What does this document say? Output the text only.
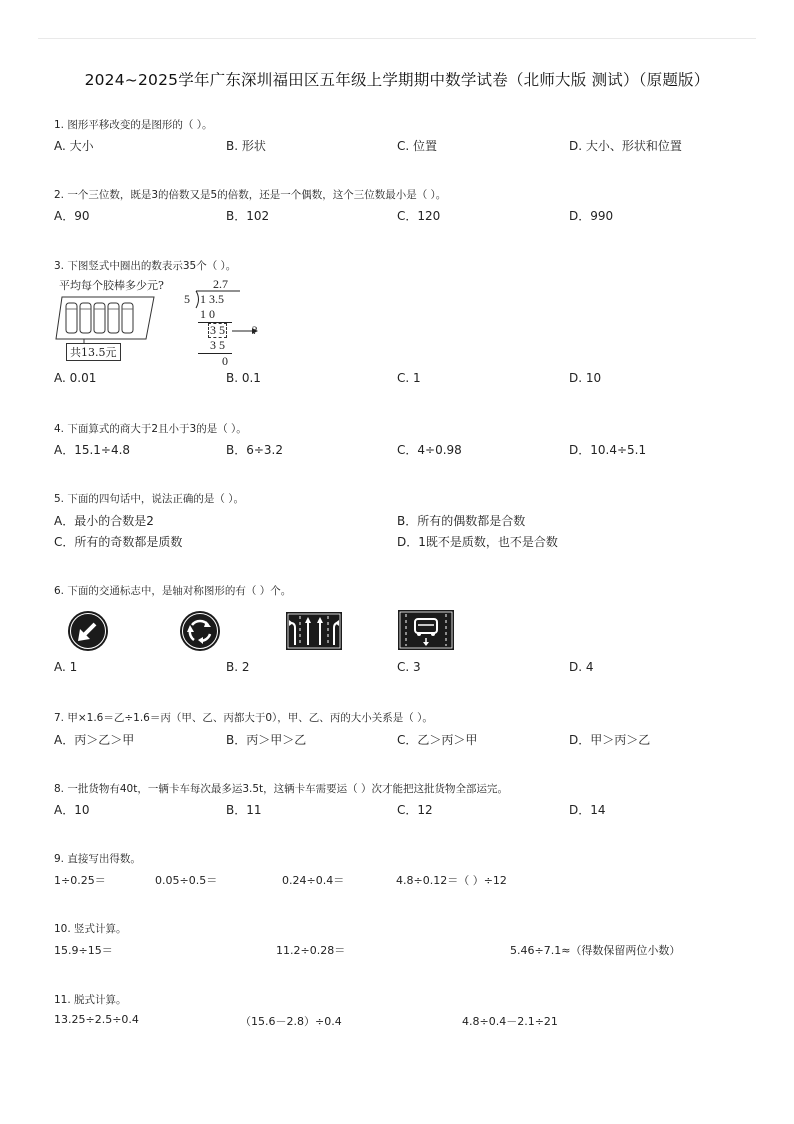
2024~2025学年广东深圳福田区五年级上学期期中数学试卷（北师大版 测试）（原题版）
1. 图形平移改变的是图形的（ ）。
A. 大小	B. 形状	C. 位置	D. 大小、形状和位置
2. 一个三位数，既是3的倍数又是5的倍数，还是一个偶数，这个三位数最小是（ ）。
A．90	B．102	C．120	D．990
3. 下图竖式中圈出的数表示35个（ ）。
平均每个胶棒多少元?
共13.5元
2.7
5 1 3.5
1 0
3 5 ?
3 5
0
A. 0.01	B. 0.1	C. 1	D. 10
4. 下面算式的商大于2且小于3的是（ ）。
A．15.1÷4.8	B．6÷3.2	C．4÷0.98	D．10.4÷5.1
5. 下面的四句话中，说法正确的是（ ）。
A．最小的合数是2	B．所有的偶数都是合数
C．所有的奇数都是质数	D．1既不是质数，也不是合数
6. 下面的交通标志中，是轴对称图形的有（ ）个。
A. 1	B. 2	C. 3	D. 4
7. 甲×1.6＝乙÷1.6＝丙（甲、乙、丙都大于0），甲、乙、丙的大小关系是（ ）。
A．丙＞乙＞甲	B．丙＞甲＞乙	C．乙＞丙＞甲	D．甲＞丙＞乙
8. 一批货物有40t，一辆卡车每次最多运3.5t，这辆卡车需要运（ ）次才能把这批货物全部运完。
A．10	B．11	C．12	D．14
9. 直接写出得数。
1÷0.25＝	0.05÷0.5＝	0.24÷0.4＝	4.8÷0.12＝（ ）÷12
10. 竖式计算。
15.9÷15＝	11.2÷0.28＝	5.46÷7.1≈（得数保留两位小数）
11. 脱式计算。
13.25÷2.5÷0.4	（15.6－2.8）÷0.4	4.8÷0.4－2.1÷21
